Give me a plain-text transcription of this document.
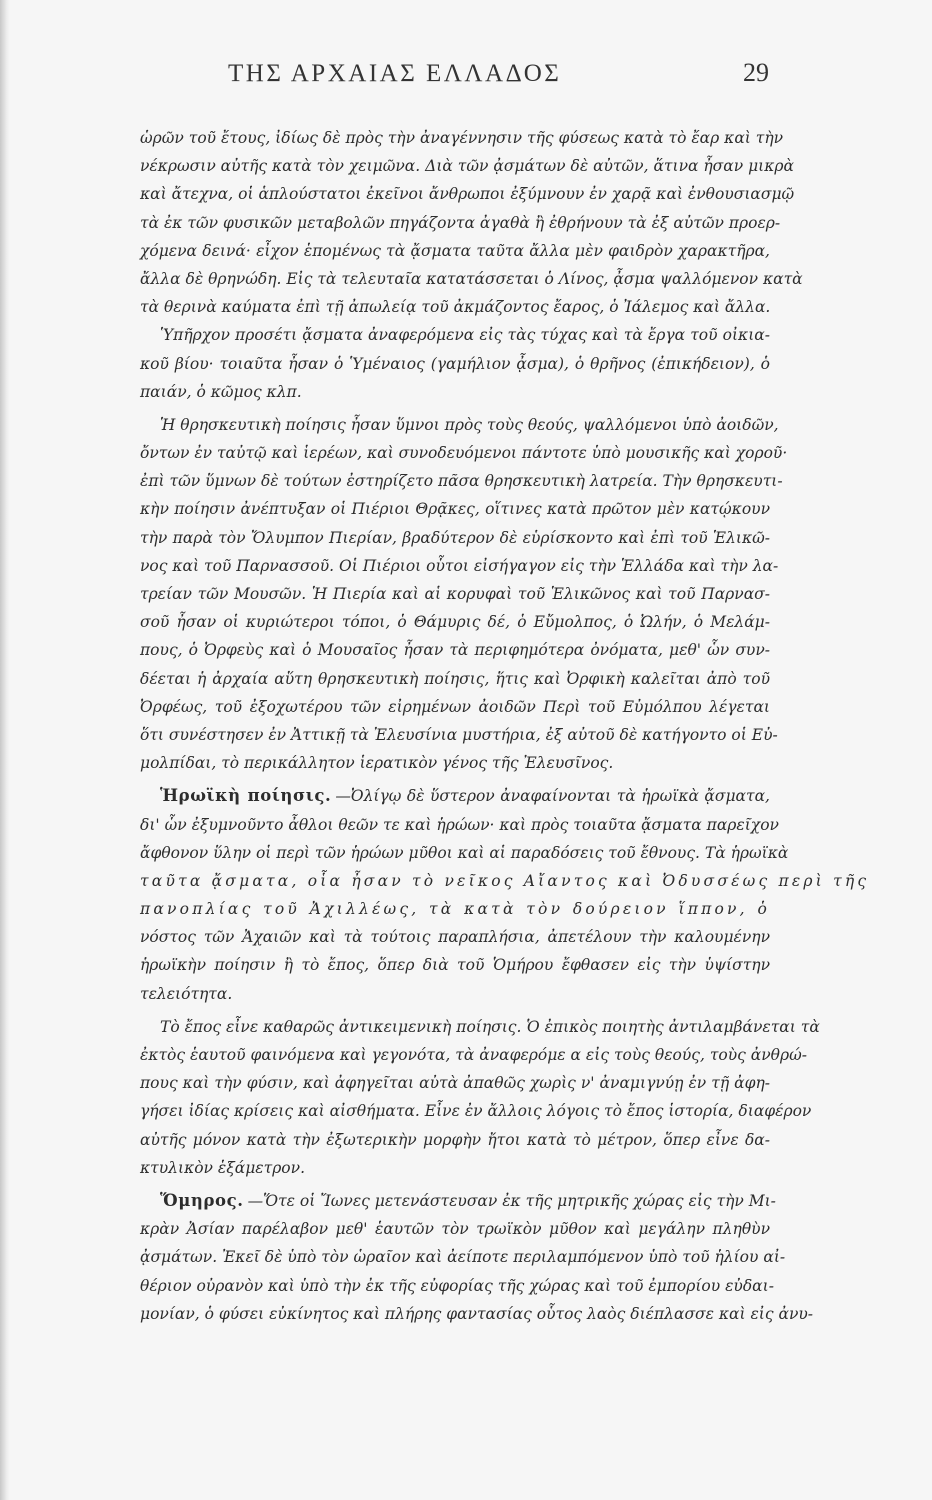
ΤΗΣ ΑΡΧΑΙΑΣ ΕΛΛΑΔΟΣ	29
ὡρῶν τοῦ ἔτους, ἰδίως δὲ πρὸς τὴν ἀναγέννησιν τῆς φύσεως κατὰ τὸ ἔαρ καὶ τὴν
νέκρωσιν αὐτῆς κατὰ τὸν χειμῶνα. Διὰ τῶν ᾀσμάτων δὲ αὐτῶν, ἅτινα ἦσαν μικρὰ
καὶ ἄτεχνα, οἱ ἁπλούστατοι ἐκεῖνοι ἄνθρωποι ἐξύμνουν ἐν χαρᾷ καὶ ἐνθουσιασμῷ
τὰ ἐκ τῶν φυσικῶν μεταβολῶν πηγάζοντα ἀγαθὰ ἢ ἐθρήνουν τὰ ἐξ αὐτῶν προερ-
χόμενα δεινά· εἶχον ἑπομένως τὰ ᾄσματα ταῦτα ἄλλα μὲν φαιδρὸν χαρακτῆρα,
ἄλλα δὲ θρηνώδη. Εἰς τὰ τελευταῖα κατατάσσεται ὁ Λίνος, ᾆσμα ψαλλόμενον κατὰ
τὰ θερινὰ καύματα ἐπὶ τῇ ἀπωλείᾳ τοῦ ἀκμάζοντος ἔαρος, ὁ Ἰάλεμος καὶ ἄλλα.
Ὑπῆρχον προσέτι ᾄσματα ἀναφερόμενα εἰς τὰς τύχας καὶ τὰ ἔργα τοῦ οἰκια-
κοῦ βίου· τοιαῦτα ἦσαν ὁ Ὑμέναιος (γαμήλιον ᾆσμα), ὁ θρῆνος (ἐπικήδειον), ὁ
παιάν, ὁ κῶμος κλπ.
Ἡ θρησκευτικὴ ποίησις ἦσαν ὕμνοι πρὸς τοὺς θεούς, ψαλλόμενοι ὑπὸ ἀοιδῶν,
ὄντων ἐν ταὐτῷ καὶ ἱερέων, καὶ συνοδευόμενοι πάντοτε ὑπὸ μουσικῆς καὶ χοροῦ·
ἐπὶ τῶν ὕμνων δὲ τούτων ἐστηρίζετο πᾶσα θρησκευτικὴ λατρεία. Τὴν θρησκευτι-
κὴν ποίησιν ἀνέπτυξαν οἱ Πιέριοι Θρᾷκες, οἵτινες κατὰ πρῶτον μὲν κατῴκουν
τὴν παρὰ τὸν Ὄλυμπον Πιερίαν, βραδύτερον δὲ εὑρίσκοντο καὶ ἐπὶ τοῦ Ἑλικῶ-
νος καὶ τοῦ Παρνασσοῦ. Οἱ Πιέριοι οὗτοι εἰσήγαγον εἰς τὴν Ἑλλάδα καὶ τὴν λα-
τρείαν τῶν Μουσῶν. Ἡ Πιερία καὶ αἱ κορυφαὶ τοῦ Ἑλικῶνος καὶ τοῦ Παρνασ-
σοῦ ἦσαν οἱ κυριώτεροι τόποι, ὁ Θάμυρις δέ, ὁ Εὔμολπος, ὁ Ὠλήν, ὁ Μελάμ-
πους, ὁ Ὀρφεὺς καὶ ὁ Μουσαῖος ἦσαν τὰ περιφημότερα ὀνόματα, μεθ' ὧν συν-
δέεται ἡ ἀρχαία αὕτη θρησκευτικὴ ποίησις, ἥτις καὶ Ὀρφικὴ καλεῖται ἀπὸ τοῦ
Ὀρφέως, τοῦ ἐξοχωτέρου τῶν εἰρημένων ἀοιδῶν Περὶ τοῦ Εὐμόλπου λέγεται
ὅτι συνέστησεν ἐν Ἀττικῇ τὰ Ἐλευσίνια μυστήρια, ἐξ αὐτοῦ δὲ κατήγοντο οἱ Εὐ-
μολπίδαι, τὸ περικάλλητον ἱερατικὸν γένος τῆς Ἐλευσῖνος.
Ἡρωϊκὴ ποίησις. —Ὀλίγῳ δὲ ὕστερον ἀναφαίνονται τὰ ἡρωϊκὰ ᾄσματα,
δι' ὧν ἐξυμνοῦντο ἆθλοι θεῶν τε καὶ ἡρώων· καὶ πρὸς τοιαῦτα ᾄσματα παρεῖχον
ἄφθονον ὕλην οἱ περὶ τῶν ἡρώων μῦθοι καὶ αἱ παραδόσεις τοῦ ἔθνους. Τὰ ἡρωϊκὰ
ταῦτα ᾄσματα, οἷα ἦσαν τὸ νεῖκος Αἴαντος καὶ Ὀδυσσέως περὶ τῆς
πανοπλίας τοῦ Ἀχιλλέως, τὰ κατὰ τὸν δούρειον ἵππον, ὁ
νόστος τῶν Ἀχαιῶν καὶ τὰ τούτοις παραπλήσια, ἀπετέλουν τὴν καλουμένην
ἡρωϊκὴν ποίησιν ἢ τὸ ἔπος, ὅπερ διὰ τοῦ Ὁμήρου ἔφθασεν εἰς τὴν ὑψίστην
τελειότητα.
Τὸ ἔπος εἶνε καθαρῶς ἀντικειμενικὴ ποίησις. Ὁ ἐπικὸς ποιητὴς ἀντιλαμβάνεται τὰ
ἐκτὸς ἑαυτοῦ φαινόμενα καὶ γεγονότα, τὰ ἀναφερόμε α εἰς τοὺς θεούς, τοὺς ἀνθρώ-
πους καὶ τὴν φύσιν, καὶ ἀφηγεῖται αὐτὰ ἀπαθῶς χωρὶς ν' ἀναμιγνύῃ ἐν τῇ ἀφη-
γήσει ἰδίας κρίσεις καὶ αἰσθήματα. Εἶνε ἐν ἄλλοις λόγοις τὸ ἔπος ἱστορία, διαφέρον
αὐτῆς μόνον κατὰ τὴν ἐξωτερικὴν μορφὴν ἤτοι κατὰ τὸ μέτρον, ὅπερ εἶνε δα-
κτυλικὸν ἑξάμετρον.
Ὅμηρος. —Ὅτε οἱ Ἴωνες μετενάστευσαν ἐκ τῆς μητρικῆς χώρας εἰς τὴν Μι-
κρὰν Ἀσίαν παρέλαβον μεθ' ἑαυτῶν τὸν τρωϊκὸν μῦθον καὶ μεγάλην πληθὺν
ᾀσμάτων. Ἐκεῖ δὲ ὑπὸ τὸν ὡραῖον καὶ ἀείποτε περιλαμπόμενον ὑπὸ τοῦ ἡλίου αἰ-
θέριον οὐρανὸν καὶ ὑπὸ τὴν ἐκ τῆς εὐφορίας τῆς χώρας καὶ τοῦ ἐμπορίου εὐδαι-
μονίαν, ὁ φύσει εὐκίνητος καὶ πλήρης φαντασίας οὗτος λαὸς διέπλασσε καὶ εἰς ἀνυ-
